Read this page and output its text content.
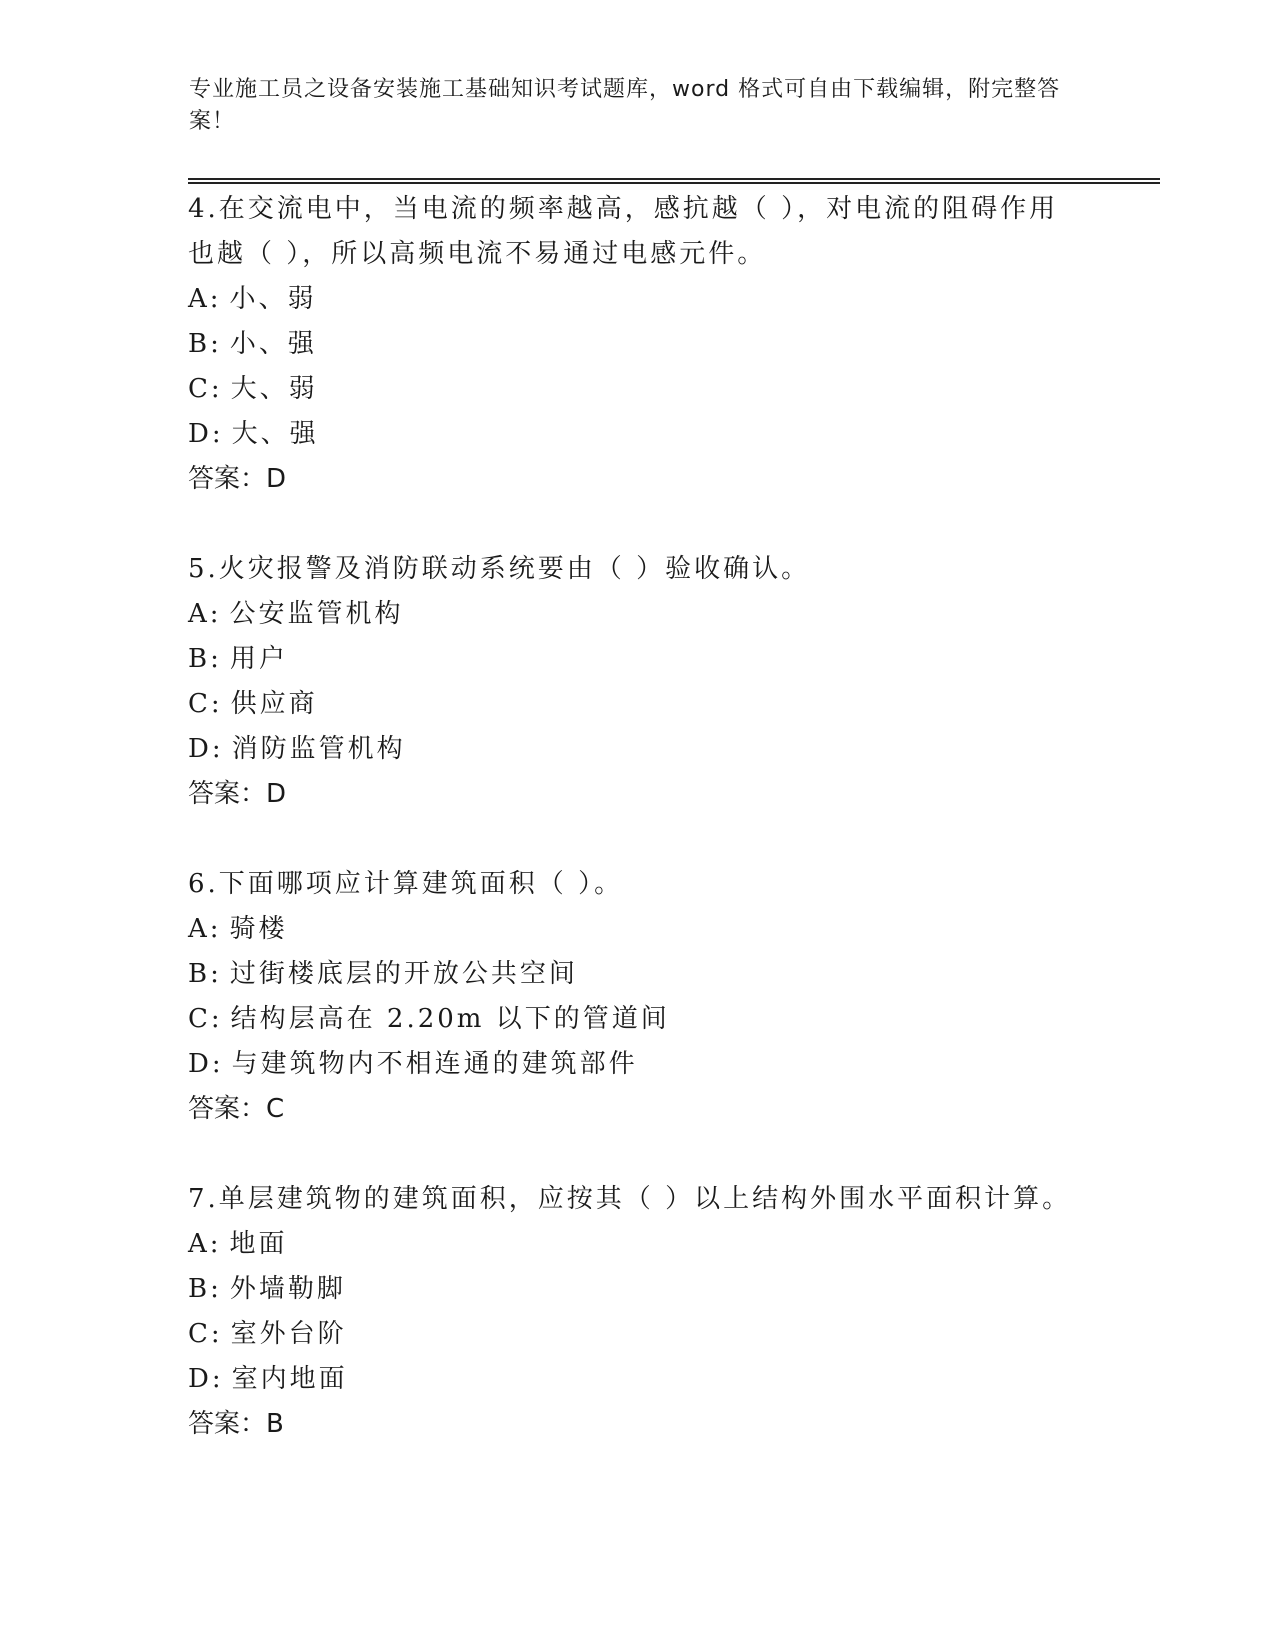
专业施工员之设备安装施工基础知识考试题库，word 格式可自由下载编辑，附完整答案！

4.在交流电中，当电流的频率越高，感抗越（ ），对电流的阻碍作用也越（ ），所以高频电流不易通过电感元件。

A: 小、弱

B: 小、强

C: 大、弱

D: 大、强

答案：D

5.火灾报警及消防联动系统要由（ ）验收确认。

A: 公安监管机构

B: 用户

C: 供应商

D: 消防监管机构

答案：D

6.下面哪项应计算建筑面积（ ）。

A: 骑楼

B: 过街楼底层的开放公共空间

C: 结构层高在 2.20m 以下的管道间

D: 与建筑物内不相连通的建筑部件

答案：C

7.单层建筑物的建筑面积，应按其（ ）以上结构外围水平面积计算。

A: 地面

B: 外墙勒脚

C: 室外台阶

D: 室内地面

答案：B
